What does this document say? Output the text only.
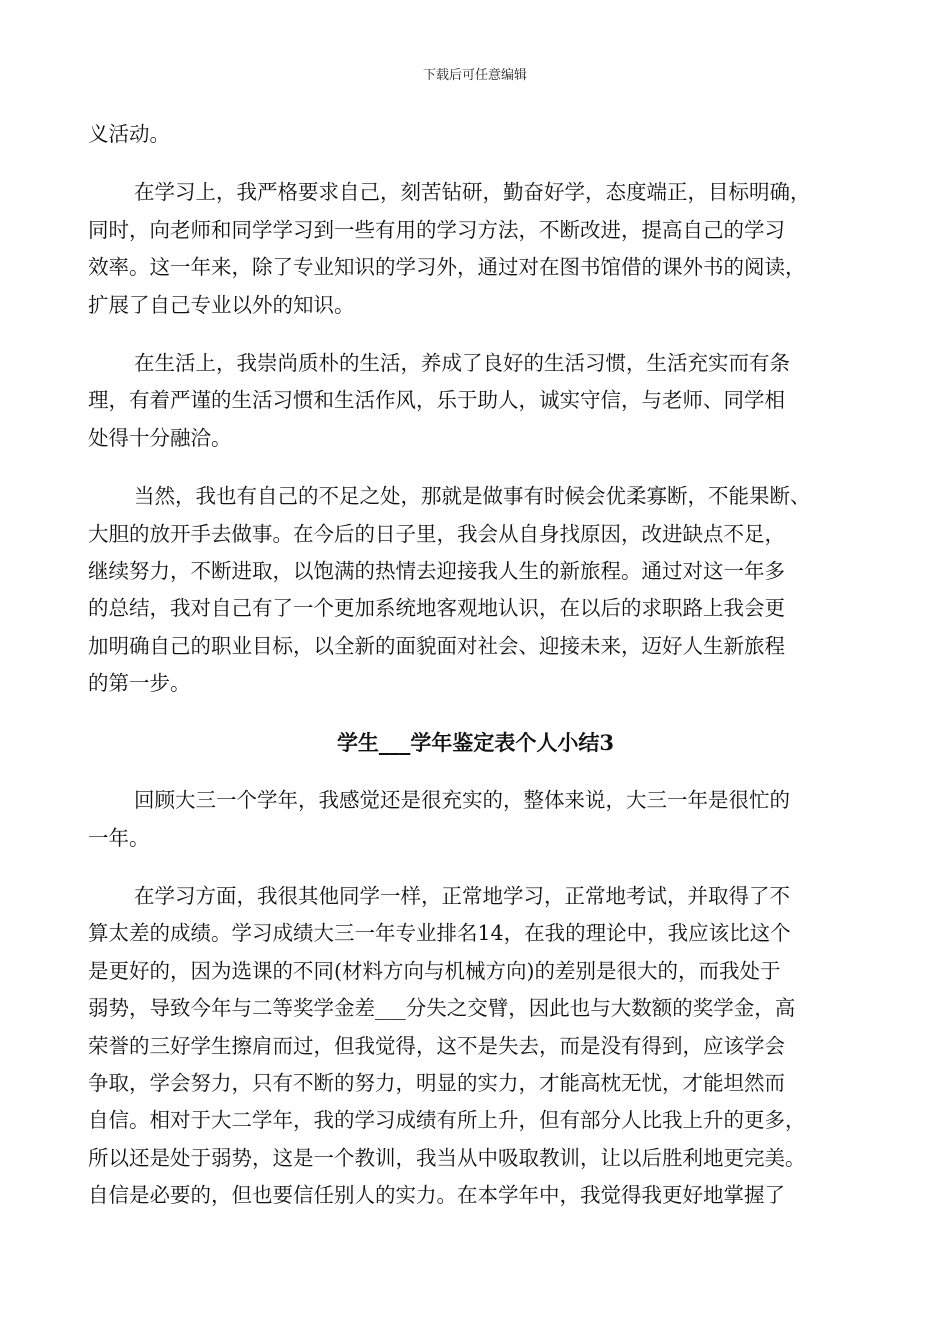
下载后可任意编辑
义活动。
在学习上，我严格要求自己，刻苦钻研，勤奋好学，态度端正，目标明确，
同时，向老师和同学学习到一些有用的学习方法，不断改进，提高自己的学习
效率。这一年来，除了专业知识的学习外，通过对在图书馆借的课外书的阅读，
扩展了自己专业以外的知识。
在生活上，我崇尚质朴的生活，养成了良好的生活习惯，生活充实而有条
理，有着严谨的生活习惯和生活作风，乐于助人，诚实守信，与老师、同学相
处得十分融洽。
当然，我也有自己的不足之处，那就是做事有时候会优柔寡断，不能果断、
大胆的放开手去做事。在今后的日子里，我会从自身找原因，改进缺点不足，
继续努力，不断进取，以饱满的热情去迎接我人生的新旅程。通过对这一年多
的总结，我对自己有了一个更加系统地客观地认识，在以后的求职路上我会更
加明确自己的职业目标，以全新的面貌面对社会、迎接未来，迈好人生新旅程
的第一步。
学生___学年鉴定表个人小结3
回顾大三一个学年，我感觉还是很充实的，整体来说，大三一年是很忙的
一年。
在学习方面，我很其他同学一样，正常地学习，正常地考试，并取得了不
算太差的成绩。学习成绩大三一年专业排名14，在我的理论中，我应该比这个
是更好的，因为选课的不同(材料方向与机械方向)的差别是很大的，而我处于
弱势，导致今年与二等奖学金差___分失之交臂，因此也与大数额的奖学金，高
荣誉的三好学生擦肩而过，但我觉得，这不是失去，而是没有得到，应该学会
争取，学会努力，只有不断的努力，明显的实力，才能高枕无忧，才能坦然而
自信。相对于大二学年，我的学习成绩有所上升，但有部分人比我上升的更多，
所以还是处于弱势，这是一个教训，我当从中吸取教训，让以后胜利地更完美。
自信是必要的，但也要信任别人的实力。在本学年中，我觉得我更好地掌握了
